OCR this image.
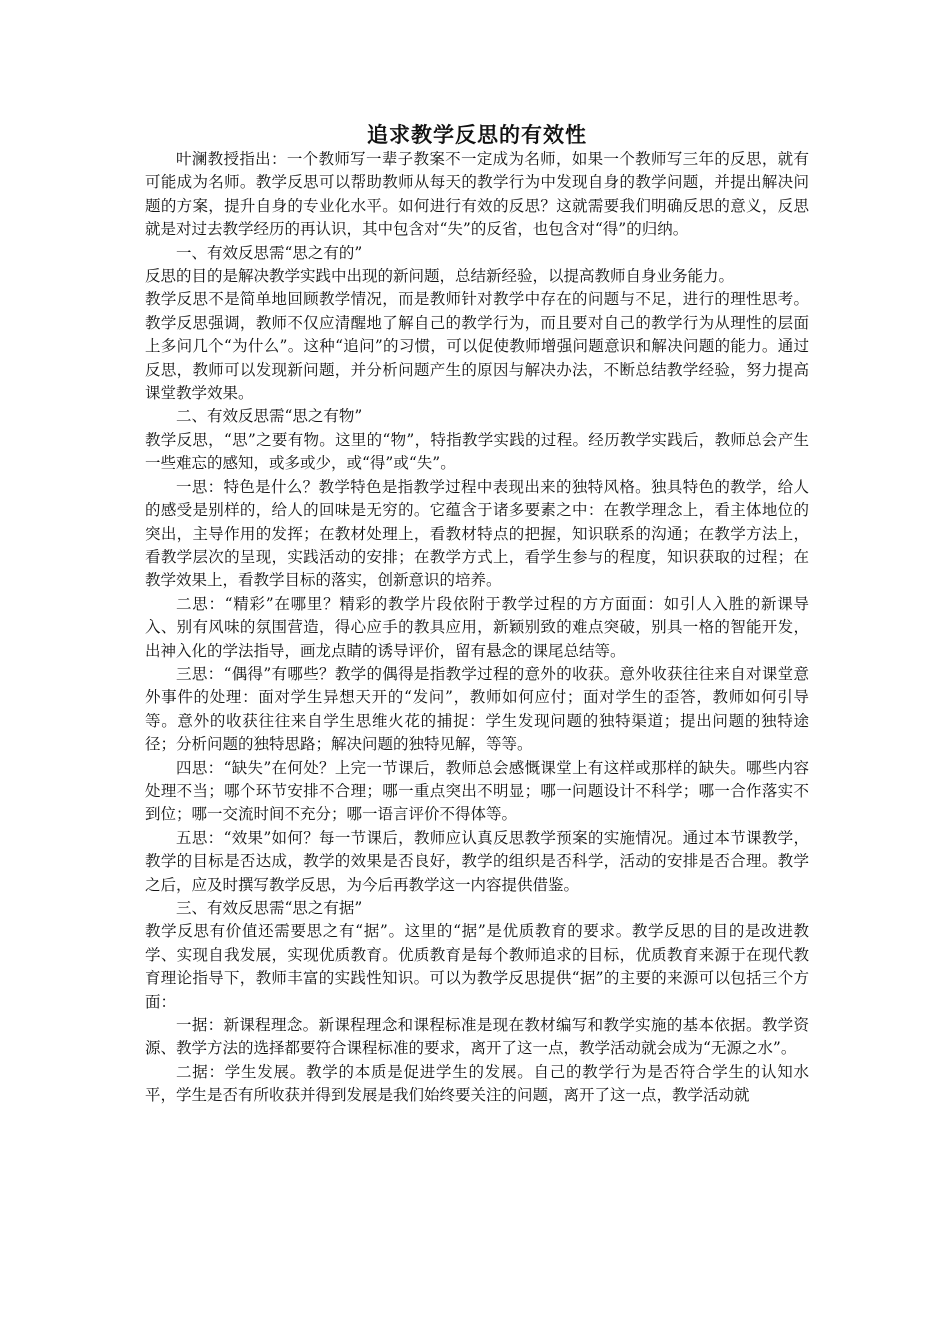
追求教学反思的有效性

叶澜教授指出：一个教师写一辈子教案不一定成为名师，如果一个教师写三年的反思，就有可能成为名师。教学反思可以帮助教师从每天的教学行为中发现自身的教学问题，并提出解决问题的方案，提升自身的专业化水平。如何进行有效的反思？这就需要我们明确反思的意义，反思就是对过去教学经历的再认识，其中包含对“失”的反省，也包含对“得”的归纳。

一、有效反思需“思之有的”

反思的目的是解决教学实践中出现的新问题，总结新经验，以提高教师自身业务能力。

教学反思不是简单地回顾教学情况，而是教师针对教学中存在的问题与不足，进行的理性思考。教学反思强调，教师不仅应清醒地了解自己的教学行为，而且要对自己的教学行为从理性的层面上多问几个“为什么”。这种“追问”的习惯，可以促使教师增强问题意识和解决问题的能力。通过反思，教师可以发现新问题，并分析问题产生的原因与解决办法，不断总结教学经验，努力提高课堂教学效果。

二、有效反思需“思之有物”

教学反思，“思”之要有物。这里的“物”，特指教学实践的过程。经历教学实践后，教师总会产生一些难忘的感知，或多或少，或“得”或“失”。

一思：特色是什么？教学特色是指教学过程中表现出来的独特风格。独具特色的教学，给人的感受是别样的，给人的回味是无穷的。它蕴含于诸多要素之中：在教学理念上，看主体地位的突出，主导作用的发挥；在教材处理上，看教材特点的把握，知识联系的沟通；在教学方法上，看教学层次的呈现，实践活动的安排；在教学方式上，看学生参与的程度，知识获取的过程；在教学效果上，看教学目标的落实，创新意识的培养。

二思：“精彩”在哪里？精彩的教学片段依附于教学过程的方方面面：如引人入胜的新课导入、别有风味的氛围营造，得心应手的教具应用，新颖别致的难点突破，别具一格的智能开发，出神入化的学法指导，画龙点睛的诱导评价，留有悬念的课尾总结等。

三思：“偶得”有哪些？教学的偶得是指教学过程的意外的收获。意外收获往往来自对课堂意外事件的处理：面对学生异想天开的“发问”，教师如何应付；面对学生的歪答，教师如何引导等。意外的收获往往来自学生思维火花的捕捉：学生发现问题的独特渠道；提出问题的独特途径；分析问题的独特思路；解决问题的独特见解，等等。

四思：“缺失”在何处？上完一节课后，教师总会感慨课堂上有这样或那样的缺失。哪些内容处理不当；哪个环节安排不合理；哪一重点突出不明显；哪一问题设计不科学；哪一合作落实不到位；哪一交流时间不充分；哪一语言评价不得体等。

五思：“效果”如何？每一节课后，教师应认真反思教学预案的实施情况。通过本节课教学，教学的目标是否达成，教学的效果是否良好，教学的组织是否科学，活动的安排是否合理。教学之后，应及时撰写教学反思，为今后再教学这一内容提供借鉴。

三、有效反思需“思之有据”

教学反思有价值还需要思之有“据”。这里的“据”是优质教育的要求。教学反思的目的是改进教学、实现自我发展，实现优质教育。优质教育是每个教师追求的目标，优质教育来源于在现代教育理论指导下，教师丰富的实践性知识。可以为教学反思提供“据”的主要的来源可以包括三个方面：

一据：新课程理念。新课程理念和课程标准是现在教材编写和教学实施的基本依据。教学资源、教学方法的选择都要符合课程标准的要求，离开了这一点，教学活动就会成为“无源之水”。

二据：学生发展。教学的本质是促进学生的发展。自己的教学行为是否符合学生的认知水平，学生是否有所收获并得到发展是我们始终要关注的问题，离开了这一点，教学活动就
